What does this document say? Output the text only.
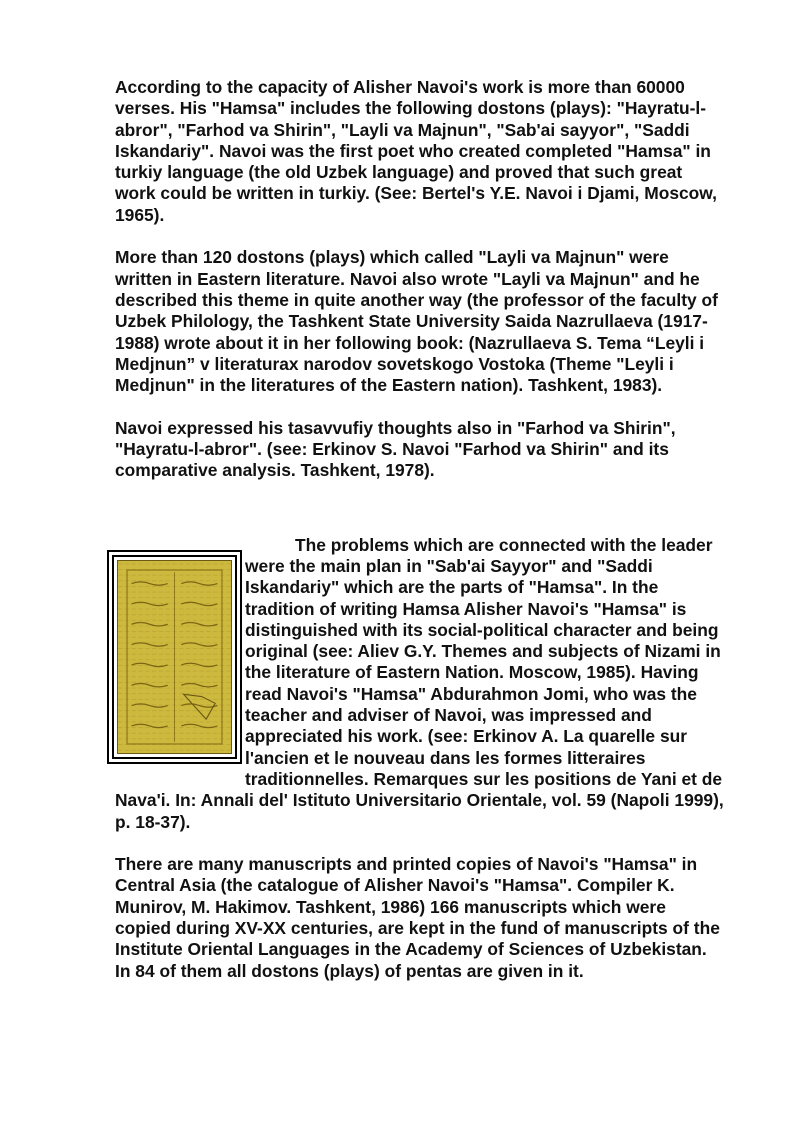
According to the capacity of Alisher Navoi's work is more than 60000 verses. His "Hamsa" includes the following dostons (plays): "Hayratu-l-abror", "Farhod va Shirin", "Layli va Majnun", "Sab'ai sayyor", "Saddi Iskandariy". Navoi was the first poet who created completed "Hamsa" in turkiy language (the old Uzbek language) and proved that such great work could be written in turkiy. (See: Bertel's Y.E. Navoi i Djami, Moscow, 1965).

More than 120 dostons (plays) which called "Layli va Majnun" were written in Eastern literature. Navoi also wrote "Layli va Majnun" and he described this theme in quite another way (the professor of the faculty of Uzbek Philology, the Tashkent State University Saida Nazrullaeva (1917-1988) wrote about it in her following book: (Nazrullaeva S. Tema “Leyli i Medjnun” v literaturax narodov sovetskogo Vostoka (Theme "Leyli i Medjnun" in the literatures of the Eastern nation). Tashkent, 1983).

Navoi expressed his tasavvufiy thoughts also in "Farhod va Shirin", "Hayratu-l-abror". (see: Erkinov S. Navoi "Farhod va Shirin" and its comparative analysis. Tashkent, 1978).

The problems which are connected with the leader were the main plan in "Sab'ai Sayyor" and "Saddi Iskandariy" which are the parts of "Hamsa". In the tradition of writing Hamsa Alisher Navoi's "Hamsa" is distinguished with its social-political character and being original (see: Aliev G.Y. Themes and subjects of Nizami in the literature of Eastern Nation. Moscow, 1985). Having read Navoi's "Hamsa" Abdurahmon Jomi, who was the teacher and adviser of Navoi, was impressed and appreciated his work. (see: Erkinov A. La quarelle sur l'ancien et le nouveau dans les formes litteraires traditionnelles. Remarques sur les positions de Yani et de Nava'i. In: Annali del' Istituto Universitario Orientale, vol. 59 (Napoli 1999), p. 18-37).

There are many manuscripts and printed copies of Navoi's "Hamsa" in Central Asia (the catalogue of Alisher Navoi's "Hamsa". Compiler K. Munirov, M. Hakimov. Tashkent, 1986) 166 manuscripts which were copied during XV-XX centuries, are kept in the fund of manuscripts of the Institute Oriental Languages in the Academy of Sciences of Uzbekistan. In 84 of them all dostons (plays) of pentas are given in it.
